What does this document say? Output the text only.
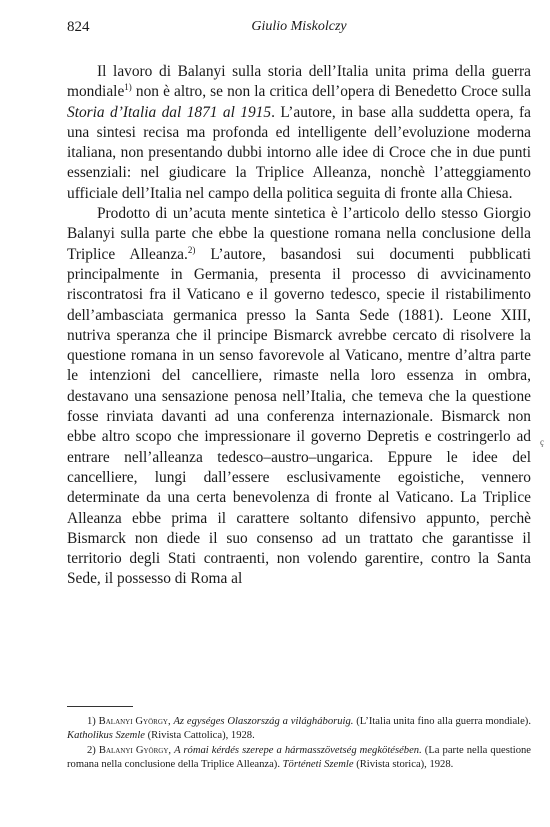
824	Giulio Miskolczy

Il lavoro di Balanyi sulla storia dell’Italia unita prima della guerra mondiale$^{1)}$ non è altro, se non la critica dell’opera di Benedetto Croce sulla Storia d’Italia dal 1871 al 1915. L’autore, in base alla suddetta opera, fa una sintesi recisa ma profonda ed intelligente dell’evoluzione moderna italiana, non presentando dubbi intorno alle idee di Croce che in due punti essenziali: nel giudicare la Triplice Alleanza, nonchè l’atteggiamento ufficiale dell’Italia nel campo della politica seguita di fronte alla Chiesa.

Prodotto di un’acuta mente sintetica è l’articolo dello stesso Giorgio Balanyi sulla parte che ebbe la questione romana nella conclusione della Triplice Alleanza.$^{2)}$ L’autore, basandosi sui documenti pubblicati principalmente in Germania, presenta il processo di avvicinamento riscontratosi fra il Vaticano e il governo tedesco, specie il ristabilimento dell’ambasciata germanica presso la Santa Sede (1881). Leone XIII, nutriva speranza che il principe Bismarck avrebbe cercato di risolvere la questione romana in un senso favorevole al Vaticano, mentre d’altra parte le intenzioni del cancelliere, rimaste nella loro essenza in ombra, destavano una sensazione penosa nell’Italia, che temeva che la questione fosse rinviata davanti ad una conferenza internazionale. Bismarck non ebbe altro scopo che impressionare il governo Depretis e costringerlo ad entrare nell’alleanza tedesco–austro–ungarica. Eppure le idee del cancelliere, lungi dall’essere esclusivamente egoistiche, vennero determinate da una certa benevolenza di fronte al Vaticano. La Triplice Alleanza ebbe prima il carattere soltanto difensivo appunto, perchè Bismarck non diede il suo consenso ad un trattato che garantisse il territorio degli Stati contraenti, non volendo garentire, contro la Santa Sede, il possesso di Roma al

ç

1) Balanyi György, Az egységes Olaszország a világháboruig. (L’Italia unita fino alla guerra mondiale). Katholikus Szemle (Rivista Cattolica), 1928.

2) Balanyi György, A római kérdés szerepe a hármasszövetség megkötésében. (La parte nella questione romana nella conclusione della Triplice Alleanza). Történeti Szemle (Rivista storica), 1928.
